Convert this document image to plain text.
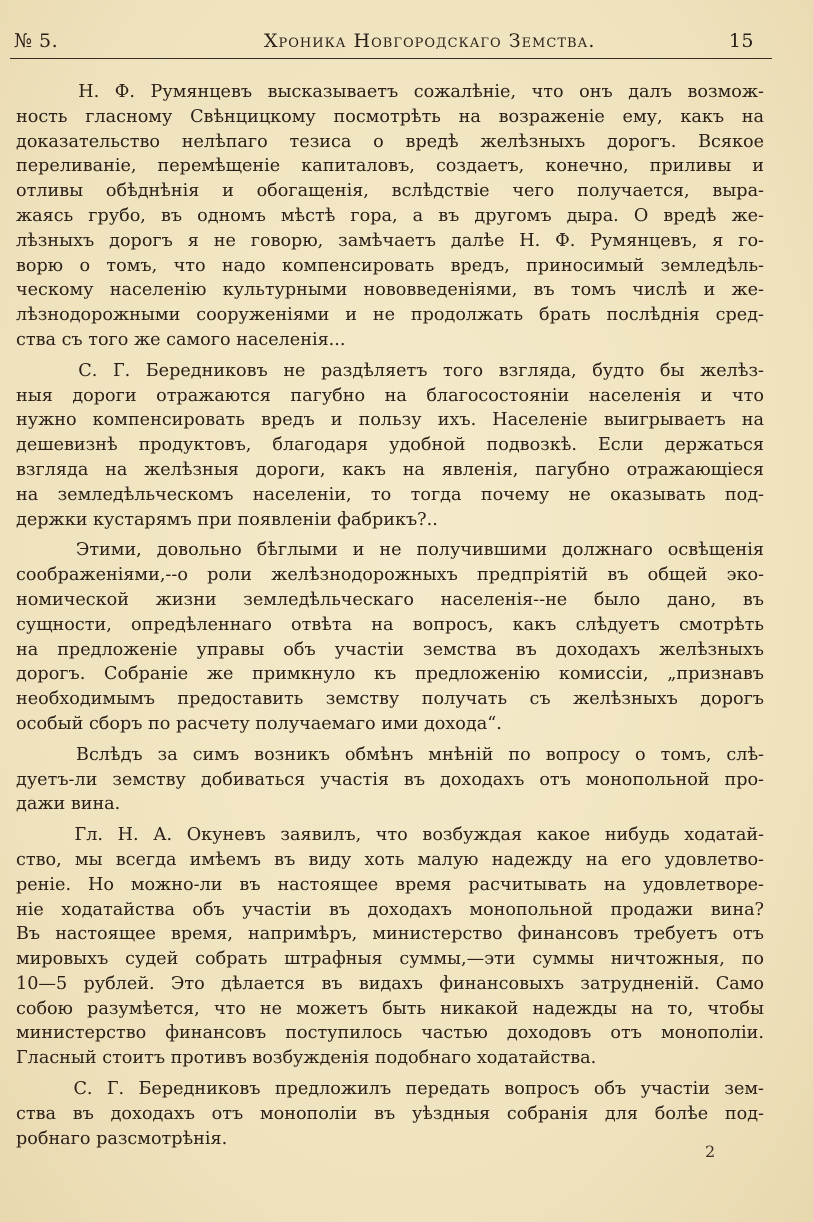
№ 5.	Хроника Новгородскаго Земства.	15
Н. Ф. Румянцевъ высказываетъ сожалѣніе, что онъ далъ возмож-
ность гласному Свѣнцицкому посмотрѣть на возраженіе ему, какъ на
доказательство нелѣпаго тезиса о вредѣ желѣзныхъ дорогъ. Всякое
переливаніе, перемѣщеніе капиталовъ, создаетъ, конечно, приливы и
отливы обѣднѣнія и обогащенія, вслѣдствіе чего получается, выра-
жаясь грубо, въ одномъ мѣстѣ гора, а въ другомъ дыра. О вредѣ же-
лѣзныхъ дорогъ я не говорю, замѣчаетъ далѣе Н. Ф. Румянцевъ, я го-
ворю о томъ, что надо компенсировать вредъ, приносимый земледѣль-
ческому населенію культурными нововведеніями, въ томъ числѣ и же-
лѣзнодорожными сооруженіями и не продолжать брать послѣднія сред-
ства съ того же самого населенія...
С. Г. Бередниковъ не раздѣляетъ того взгляда, будто бы желѣз-
ныя дороги отражаются пагубно на благосостояніи населенія и что
нужно компенсировать вредъ и пользу ихъ. Населеніе выигрываетъ на
дешевизнѣ продуктовъ, благодаря удобной подвозкѣ. Если держаться
взгляда на желѣзныя дороги, какъ на явленія, пагубно отражающіеся
на земледѣльческомъ населеніи, то тогда почему не оказывать под-
держки кустарямъ при появленіи фабрикъ?..
Этими, довольно бѣглыми и не получившими должнаго освѣщенія
соображеніями,--о роли желѣзнодорожныхъ предпріятій въ общей эко-
номической жизни земледѣльческаго населенія--не было дано, въ
сущности, опредѣленнаго отвѣта на вопросъ, какъ слѣдуетъ смотрѣть
на предложеніе управы объ участіи земства въ доходахъ желѣзныхъ
дорогъ. Собраніе же примкнуло къ предложенію комиссіи, „признавъ
необходимымъ предоставить земству получать съ желѣзныхъ дорогъ
особый сборъ по расчету получаемаго ими дохода“.
Вслѣдъ за симъ возникъ обмѣнъ мнѣній по вопросу о томъ, слѣ-
дуетъ-ли земству добиваться участія въ доходахъ отъ монопольной про-
дажи вина.
Гл. Н. А. Окуневъ заявилъ, что возбуждая какое нибудь ходатай-
ство, мы всегда имѣемъ въ виду хоть малую надежду на его удовлетво-
реніе. Но можно-ли въ настоящее время расчитывать на удовлетворе-
ніе ходатайства объ участіи въ доходахъ монопольной продажи вина?
Въ настоящее время, напримѣръ, министерство финансовъ требуетъ отъ
мировыхъ судей собрать штрафныя суммы,—эти суммы ничтожныя, по
10—5 рублей. Это дѣлается въ видахъ финансовыхъ затрудненій. Само
собою разумѣется, что не можетъ быть никакой надежды на то, чтобы
министерство финансовъ поступилось частью доходовъ отъ монополіи.
Гласный стоитъ противъ возбужденія подобнаго ходатайства.
С. Г. Бередниковъ предложилъ передать вопросъ объ участіи зем-
ства въ доходахъ отъ монополіи въ уѣздныя собранія для болѣе под-
робнаго разсмотрѣнія.
2
